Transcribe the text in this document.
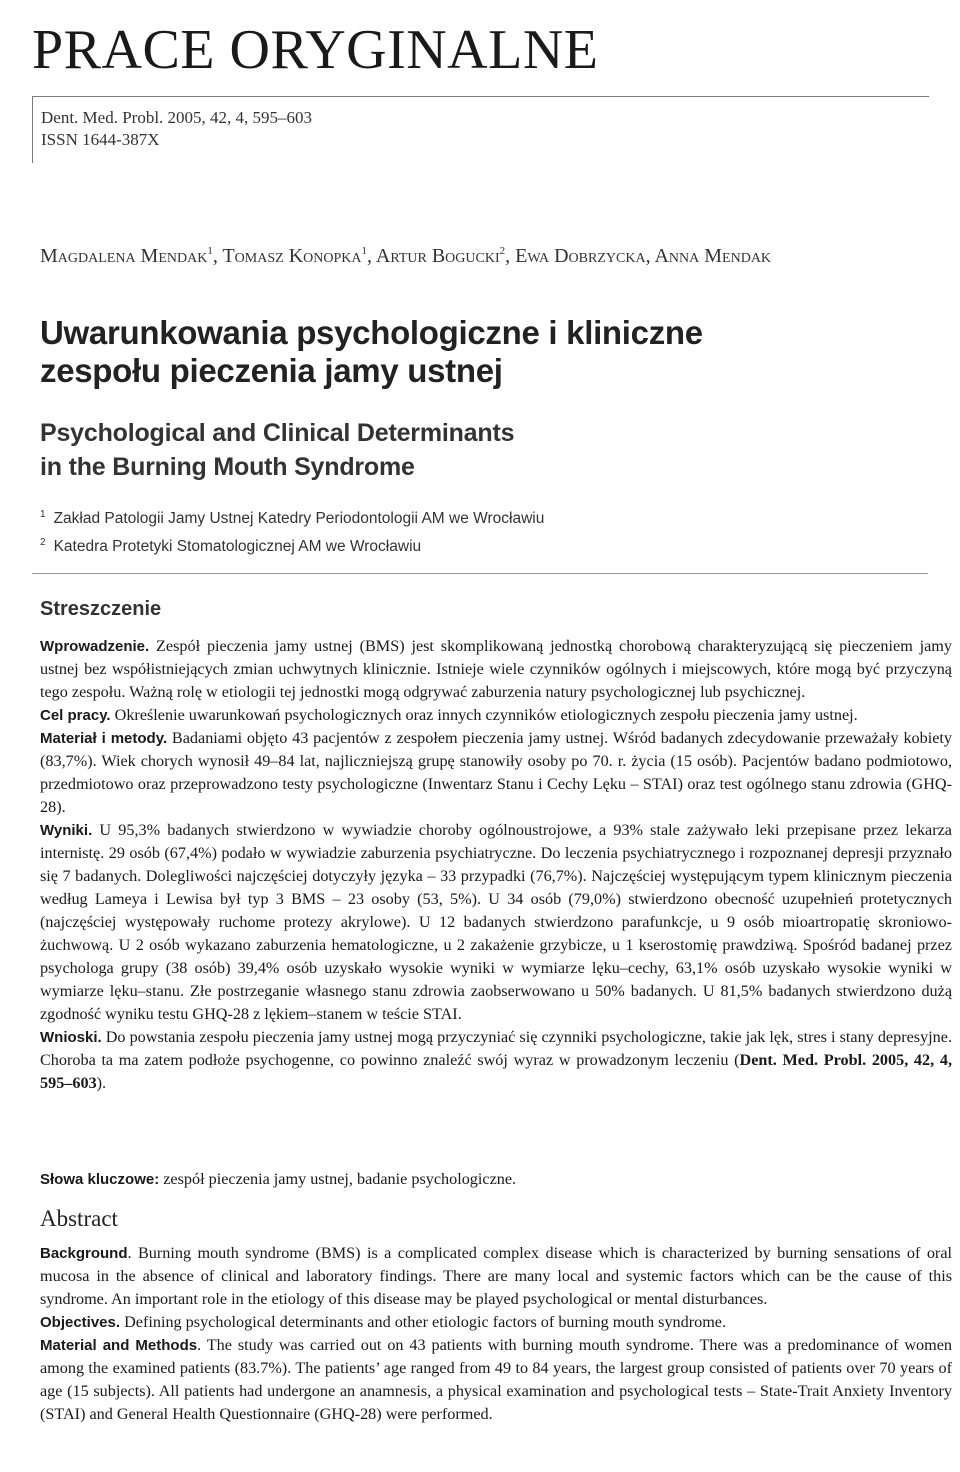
PRACE ORYGINALNE
Dent. Med. Probl. 2005, 42, 4, 595–603
ISSN 1644-387X
Magdalena Mendak$^1$, Tomasz Konopka$^1$, Artur Bogucki$^2$, Ewa Dobrzycka, Anna Mendak
Uwarunkowania psychologiczne i kliniczne
zespołu pieczenia jamy ustnej
Psychological and Clinical Determinants
in the Burning Mouth Syndrome
$^1$ Zakład Patologii Jamy Ustnej Katedry Periodontologii AM we Wrocławiu
$^2$ Katedra Protetyki Stomatologicznej AM we Wrocławiu
Streszczenie

Wprowadzenie. Zespół pieczenia jamy ustnej (BMS) jest skomplikowaną jednostką chorobową charakteryzującą się pieczeniem jamy ustnej bez współistniejących zmian uchwytnych klinicznie. Istnieje wiele czynników ogólnych i miejscowych, które mogą być przyczyną tego zespołu. Ważną rolę w etiologii tej jednostki mogą odgrywać zaburzenia natury psychologicznej lub psychicznej.

Cel pracy. Określenie uwarunkowań psychologicznych oraz innych czynników etiologicznych zespołu pieczenia jamy ustnej.

Materiał i metody. Badaniami objęto 43 pacjentów z zespołem pieczenia jamy ustnej. Wśród badanych zdecydowanie przeważały kobiety (83,7%). Wiek chorych wynosił 49–84 lat, najliczniejszą grupę stanowiły osoby po 70. r. życia (15 osób). Pacjentów badano podmiotowo, przedmiotowo oraz przeprowadzono testy psychologiczne (Inwentarz Stanu i Cechy Lęku – STAI) oraz test ogólnego stanu zdrowia (GHQ-28).

Wyniki. U 95,3% badanych stwierdzono w wywiadzie choroby ogólnoustrojowe, a 93% stale zażywało leki przepisane przez lekarza internistę. 29 osób (67,4%) podało w wywiadzie zaburzenia psychiatryczne. Do leczenia psychiatrycznego i rozpoznanej depresji przyznało się 7 badanych. Dolegliwości najczęściej dotyczyły języka – 33 przypadki (76,7%). Najczęściej występującym typem klinicznym pieczenia według Lameya i Lewisa był typ 3 BMS – 23 osoby (53, 5%). U 34 osób (79,0%) stwierdzono obecność uzupełnień protetycznych (najczęściej występowały ruchome protezy akrylowe). U 12 badanych stwierdzono parafunkcje, u 9 osób mioartropatię skroniowo-żuchwową. U 2 osób wykazano zaburzenia hematologiczne, u 2 zakażenie grzybicze, u 1 kserostomię prawdziwą. Spośród badanej przez psychologa grupy (38 osób) 39,4% osób uzyskało wysokie wyniki w wymiarze lęku–cechy, 63,1% osób uzyskało wysokie wyniki w wymiarze lęku–stanu. Złe postrzeganie własnego stanu zdrowia zaobserwowano u 50% badanych. U 81,5% badanych stwierdzono dużą zgodność wyniku testu GHQ-28 z lękiem–stanem w teście STAI.

Wnioski. Do powstania zespołu pieczenia jamy ustnej mogą przyczyniać się czynniki psychologiczne, takie jak lęk, stres i stany depresyjne. Choroba ta ma zatem podłoże psychogenne, co powinno znaleźć swój wyraz w prowadzonym leczeniu (Dent. Med. Probl. 2005, 42, 4, 595–603).

Słowa kluczowe: zespół pieczenia jamy ustnej, badanie psychologiczne.
Abstract

Background. Burning mouth syndrome (BMS) is a complicated complex disease which is characterized by burning sensations of oral mucosa in the absence of clinical and laboratory findings. There are many local and systemic factors which can be the cause of this syndrome. An important role in the etiology of this disease may be played psychological or mental disturbances.

Objectives. Defining psychological determinants and other etiologic factors of burning mouth syndrome.

Material and Methods. The study was carried out on 43 patients with burning mouth syndrome. There was a predominance of women among the examined patients (83.7%). The patients’ age ranged from 49 to 84 years, the largest group consisted of patients over 70 years of age (15 subjects). All patients had undergone an anamnesis, a physical examination and psychological tests – State-Trait Anxiety Inventory (STAI) and General Health Questionnaire (GHQ-28) were performed.
